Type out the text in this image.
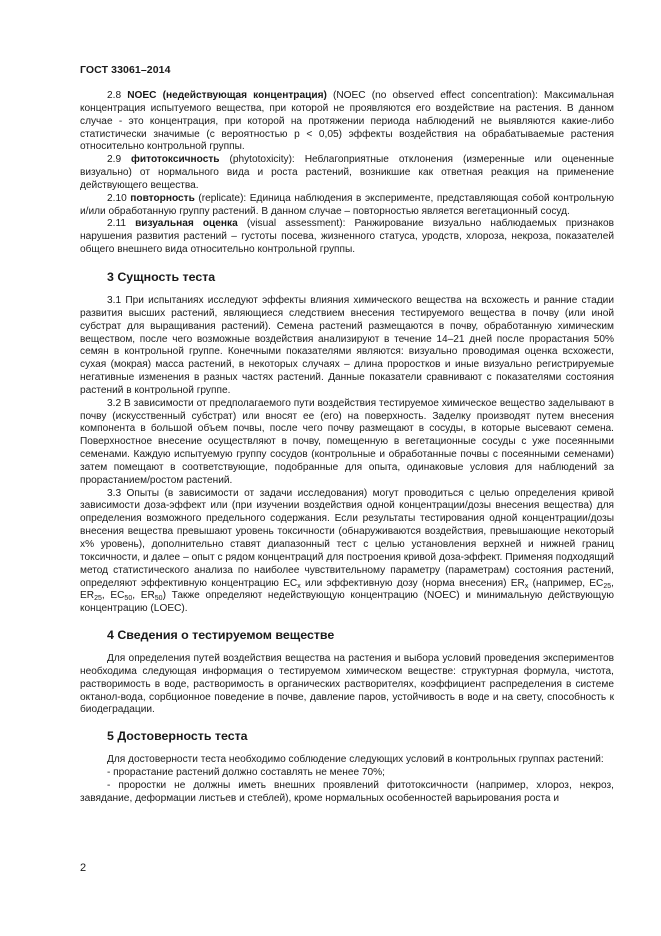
ГОСТ 33061–2014

2.8 NOEC (недействующая концентрация) (NOEC (no observed effect concentration): Максимальная концентрация испытуемого вещества, при которой не проявляются его воздействие на растения. В данном случае - это концентрация, при которой на протяжении периода наблюдений не выявляются какие-либо статистически значимые (с вероятностью р < 0,05) эффекты воздействия на обрабатываемые растения относительно контрольной группы.

2.9 фитотоксичность (phytotoxicity): Неблагоприятные отклонения (измеренные или оцененные визуально) от нормального вида и роста растений, возникшие как ответная реакция на применение действующего вещества.

2.10 повторность (replicate): Единица наблюдения в эксперименте, представляющая собой контрольную и/или обработанную группу растений. В данном случае – повторностью является вегетационный сосуд.

2.11 визуальная оценка (visual assessment): Ранжирование визуально наблюдаемых признаков нарушения развития растений – густоты посева, жизненного статуса, уродств, хлороза, некроза, показателей общего внешнего вида относительно контрольной группы.

3 Сущность теста

3.1 При испытаниях исследуют эффекты влияния химического вещества на всхожесть и ранние стадии развития высших растений, являющиеся следствием внесения тестируемого вещества в почву (или иной субстрат для выращивания растений). Семена растений размещаются в почву, обработанную химическим веществом, после чего возможные воздействия анализируют в течение 14–21 дней после прорастания 50% семян в контрольной группе. Конечными показателями являются: визуально проводимая оценка всхожести, сухая (мокрая) масса растений, в некоторых случаях – длина проростков и иные визуально регистрируемые негативные изменения в разных частях растений. Данные показатели сравнивают с показателями состояния растений в контрольной группе.

3.2 В зависимости от предполагаемого пути воздействия тестируемое химическое вещество заделывают в почву (искусственный субстрат) или вносят ее (его) на поверхность. Заделку производят путем внесения компонента в большой объем почвы, после чего почву размещают в сосуды, в которые высевают семена. Поверхностное внесение осуществляют в почву, помещенную в вегетационные сосуды с уже посеянными семенами. Каждую испытуемую группу сосудов (контрольные и обработанные почвы с посеянными семенами) затем помещают в соответствующие, подобранные для опыта, одинаковые условия для наблюдений за прорастанием/ростом растений.

3.3 Опыты (в зависимости от задачи исследования) могут проводиться с целью определения кривой зависимости доза-эффект или (при изучении воздействия одной концентрации/дозы внесения вещества) для определения возможного предельного содержания. Если результаты тестирования одной концентрации/дозы внесения вещества превышают уровень токсичности (обнаруживаются воздействия, превышающие некоторый x% уровень), дополнительно ставят диапазонный тест с целью установления верхней и нижней границ токсичности, и далее – опыт с рядом концентраций для построения кривой доза-эффект. Применяя подходящий метод статистического анализа по наиболее чувствительному параметру (параметрам) состояния растений, определяют эффективную концентрацию $EC_x$ или эффективную дозу (норма внесения) $ER_x$ (например, $EC_{25}$, $ER_{25}$, $EC_{50}$, $ER_{50}$) Также определяют недействующую концентрацию (NOEC) и минимальную действующую концентрацию (LOEC).

4 Сведения о тестируемом веществе

Для определения путей воздействия вещества на растения и выбора условий проведения экспериментов необходима следующая информация о тестируемом химическом веществе: структурная формула, чистота, растворимость в воде, растворимость в органических растворителях, коэффициент распределения в системе октанол-вода, сорбционное поведение в почве, давление паров, устойчивость в воде и на свету, способность к биодеградации.

5 Достоверность теста

Для достоверности теста необходимо соблюдение следующих условий в контрольных группах растений:

- прорастание растений должно составлять не менее 70%;

- проростки не должны иметь внешних проявлений фитотоксичности (например, хлороз, некроз, завядание, деформации листьев и стеблей), кроме нормальных особенностей варьирования роста и

2
